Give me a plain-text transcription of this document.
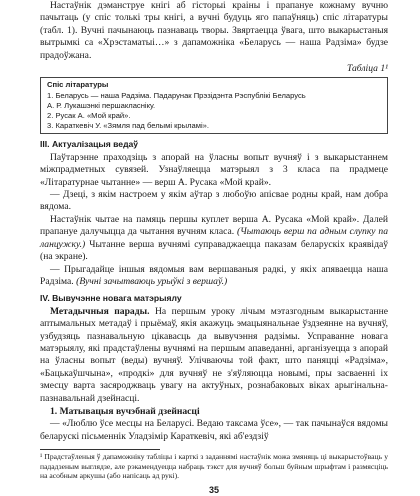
Настаўнік дэманструе кнігі аб гісторыі краіны і прапануе кожнаму вучню пачытаць (у спіс толькі тры кнігі, а вучні будуць яго папаўняць) спіс літаратуры (табл. 1). Вучні пачынаюць пазнаваць творы. Звяртаецца ўвага, што выкарыстаныя вытрымкі са «Хрэстаматыі…» з дапаможніка «Беларусь — наша Радзіма» будзе прадоўжана.

Табліца 1¹
Спіс літаратуры
1. Беларусь — наша Радзіма. Падарунак Прэзідэнта Рэспублікі Беларусь
А. Р. Лукашэнкі першакласніку.
2. Русак А. «Мой край».
3. Караткевіч У. «Зямля пад белымі крыламі».
III. Актуалізацыя ведаў

Паўтарэнне праходзіць з апорай на ўласны вопыт вучняў і з выкарыстаннем міжпрадметных сувязей. Узнаўляецца матэрыял з 3 класа па прадмеце «Літаратурнае чытанне» — верш А. Русака «Мой край».

— Дзеці, з якім настроем у якім аўтар з любоўю апісвае родны край, нам добра вядома.

Настаўнік чытае на памяць першы куплет верша А. Русака «Мой край». Далей прапануе далучыцца да чытання вучням класа. (Чытаюць верш па адным слупку па ланцужку.) Чытанне верша вучнямі суправаджаецца паказам беларускіх краявідаў (на экране).

— Прыгадайце іншыя вядомыя вам вершаваныя радкі, у якіх апяваецца наша Радзіма. (Вучні зачытваюць урыўкі з вершаў.)

IV. Вывучэнне новага матэрыялу

Метадычныя парады. На першым уроку лічым мэтазгодным выкарыстанне аптымальных метадаў і прыёмаў, якія акажуць эмацыянальнае ўздзеянне на вучняў, узбудзяць пазнавальную цікавасць да вывучэння радзімы. Усправанне новага матэрыялу, які прадстаўлены вучнямі на першым апаведанні, арганізуецца з апорай на ўласны вопыт (веды) вучняў. Улічваючы той факт, што паняцці «Радзіма», «Бацькаўшчына», «продкі» для вучняў не з'яўляюцца новымі, пры засваенні іх змесцу варта засяроджваць увагу на актуўных, рознабаковых віках арыгінальна-пазнавальнай дзейнасці.

1. Матывацыя вучэбнай дзейнасці

— «Люблю ўсе месцы на Беларусі. Ведаю таксама ўсе», — так пачынаўся вядомы беларускі пісьменнік Уладзімір Караткевіч, які аб'ездзіў

¹ Прадстаўленыя ў дапаможніку табліцы і карткі з заданнямі настаўнік можа змяняць ці выкарыстоўваць у пададзеным выглядзе, але рэкамендуецца набраць тэкст для вучняў больш буйным шрыфтам і размясціць на асобным аркушы (або напісаць ад рукі).

35
